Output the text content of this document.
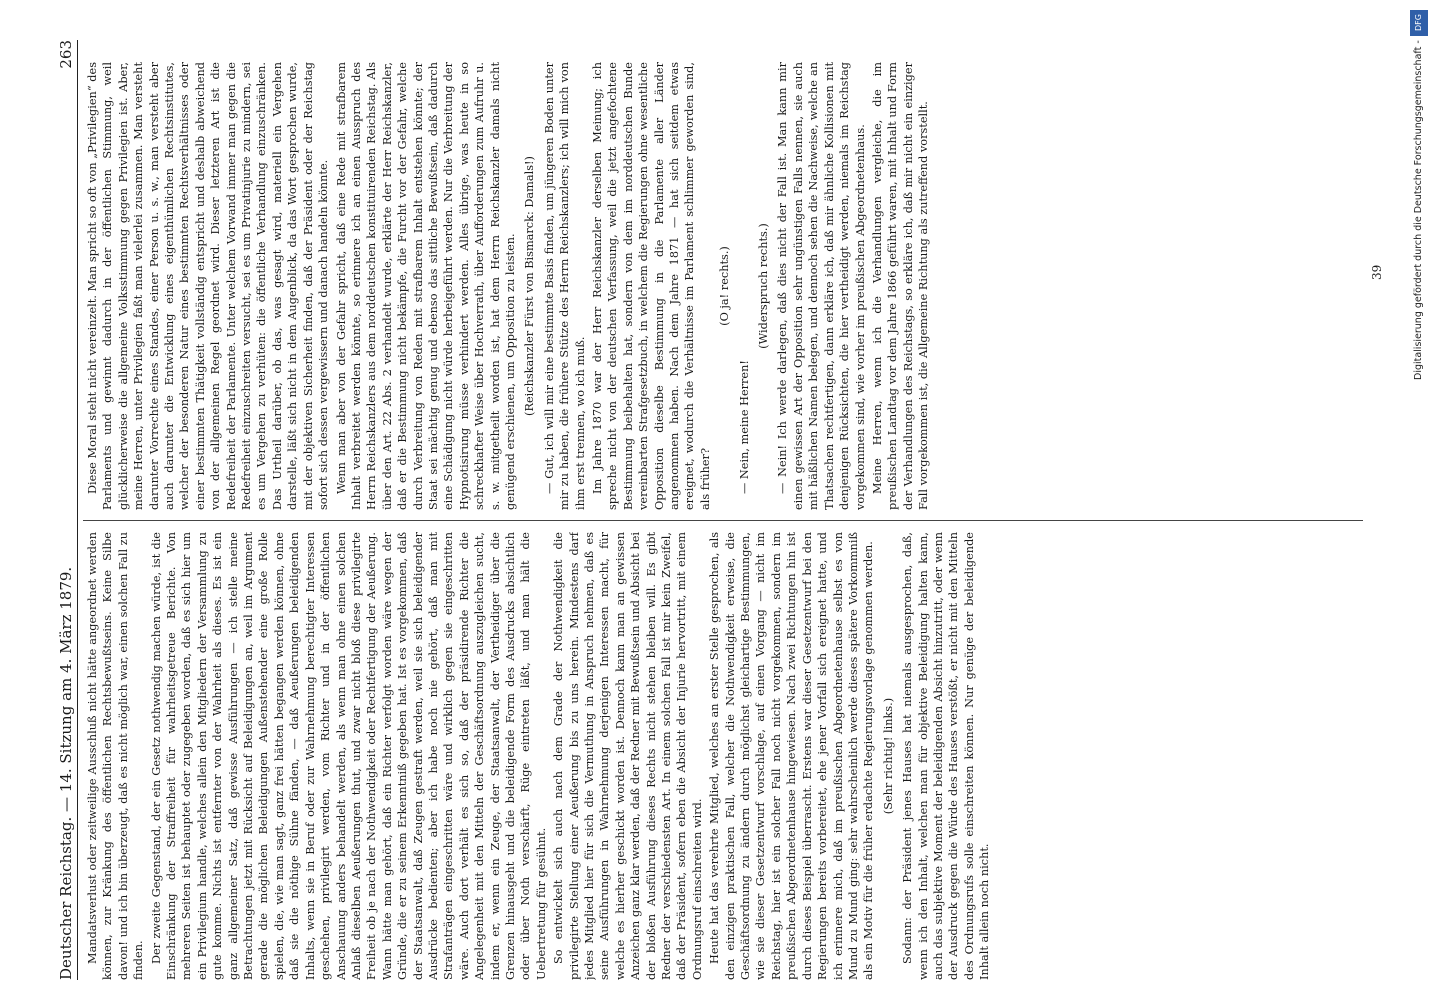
Deutscher Reichstag. — 14. Sitzung am 4. März 1879.
263

Mandatsverlust oder zeitweilige Ausschluß nicht hätte angeordnet werden können, zur Kränkung des öffentlichen Rechtsbewußtseins. Keine Silbe davon! und ich bin überzeugt, daß es nicht möglich war, einen solchen Fall zu finden. Der zweite Gegenstand, der ein Gesetz nothwendig machen würde, ist die Einschränkung der Straffreiheit für wahrheitsgetreue Berichte. Von mehreren Seiten ist behauptet oder zugegeben worden, daß es sich hier um ein Privilegium handle, welches allein den Mitgliedern der Versammlung zu gute komme. Nichts ist entfernter von der Wahrheit als dieses. Es ist ein ganz allgemeiner Satz, daß gewisse Ausführungen — ich stelle meine Betrachtungen jetzt mit Rücksicht auf Beleidigungen an, weil im Argument gerade die möglichen Beleidigungen Außenstehender eine große Rolle spielen, die, wie man sagt, ganz frei hätten begangen werden können, ohne daß sie die nöthige Sühne fänden, — daß Aeußerungen beleidigenden Inhalts, wenn sie in Beruf oder zur Wahrnehmung berechtigter Interessen geschehen, privilegirt werden, vom Richter und in der öffentlichen Anschauung anders behandelt werden, als wenn man ohne einen solchen Anlaß dieselben Aeußerungen thut, und zwar nicht bloß diese privilegirte Freiheit ob je nach der Nothwendigkeit oder Rechtfertigung der Aeußerung. Wann hätte man gehört, daß ein Richter verfolgt worden wäre wegen der Gründe, die er zu seinem Erkenntniß gegeben hat. Ist es vorgekommen, daß der Staatsanwalt, daß Zeugen gestraft werden, weil sie sich beleidigender Ausdrücke bedienten; aber ich habe noch nie gehört, daß man mit Strafanträgen eingeschritten wäre und wirklich gegen sie eingeschritten wäre. Auch dort verhält es sich so, daß der präsidirende Richter die Angelegenheit mit den Mitteln der Geschäftsordnung auszugleichen sucht, indem er, wenn ein Zeuge, der Staatsanwalt, der Vertheidiger über die Grenzen hinausgeht und die beleidigende Form des Ausdrucks absichtlich oder über Noth verschärft, Rüge eintreten läßt, und man hält die Uebertretung für gesühnt. So entwickelt sich auch nach dem Grade der Nothwendigkeit die privilegirte Stellung einer Aeußerung bis zu uns herein. Mindestens darf jedes Mitglied hier für sich die Vermuthung in Anspruch nehmen, daß es seine Ausführungen in Wahrnehmung derjenigen Interessen macht, für welche es hierher geschickt worden ist. Dennoch kann man an gewissen Anzeichen ganz klar werden, daß der Redner mit Bewußtsein und Absicht bei der bloßen Ausführung dieses Rechts nicht stehen bleiben will. Es gibt Redner der verschiedensten Art. In einem solchen Fall ist mir kein Zweifel, daß der Präsident, sofern eben die Absicht der Injurie hervortritt, mit einem Ordnungsruf einschreiten wird. Heute hat das verehrte Mitglied, welches an erster Stelle gesprochen, als den einzigen praktischen Fall, welcher die Nothwendigkeit erweise, die Geschäftsordnung zu ändern durch möglichst gleichartige Bestimmungen, wie sie dieser Gesetzentwurf vorschlage, auf einen Vorgang — nicht im Reichstag, hier ist ein solcher Fall noch nicht vorgekommen, sondern im preußischen Abgeordnetenhause hingewiesen. Nach zwei Richtungen hin ist durch dieses Beispiel überrascht. Erstens war dieser Gesetzentwurf bei den Regierungen bereits vorbereitet, ehe jener Vorfall sich ereignet hatte, und ich erinnere mich, daß im preußischen Abgeordnetenhause selbst es von Mund zu Mund ging: sehr wahrscheinlich werde dieses spätere Vorkommniß als ein Motiv für die früher erdachte Regierungsvorlage genommen werden. (Sehr richtig! links.) Sodann: der Präsident jenes Hauses hat niemals ausgesprochen, daß, wenn ich den Inhalt, welchen man für objektive Beleidigung halten kann, auch das subjektive Moment der beleidigenden Absicht hinzutritt, oder wenn der Ausdruck gegen die Würde des Hauses verstößt, er nicht mit den Mitteln des Ordnungsrufs solle einschreiten können. Nur genüge der beleidigende Inhalt allein noch nicht.

Diese Moral steht nicht vereinzelt. Man spricht so oft von „Privilegien“ des Parlaments und gewinnt dadurch in der öffentlichen Stimmung, weil glücklicherweise die allgemeine Volksstimmung gegen Privilegien ist. Aber, meine Herren, unter Privilegien faßt man vielerlei zusammen. Man versteht darunter Vorrechte eines Standes, einer Person u. s. w., man versteht aber auch darunter die Entwicklung eines eigenthümlichen Rechtsinstitutes, welcher der besonderen Natur eines bestimmten Rechtsverhältnisses oder einer bestimmten Thätigkeit vollständig entspricht und deshalb abweichend von der allgemeinen Regel geordnet wird. Dieser letzteren Art ist die Redefreiheit der Parlamente. Unter welchem Vorwand immer man gegen die Redefreiheit einzuschreiten versucht, sei es um Privatinjurie zu mindern, sei es um Vergehen zu verhüten: die öffentliche Verhandlung einzuschränken. Das Urtheil darüber, ob das, was gesagt wird, materiell ein Vergehen darstelle, läßt sich nicht in dem Augenblick, da das Wort gesprochen wurde, mit der objektiven Sicherheit finden, daß der Präsident oder der Reichstag sofort sich dessen vergewissern und danach handeln könnte. Wenn man aber von der Gefahr spricht, daß eine Rede mit strafbarem Inhalt verbreitet werden könnte, so erinnere ich an einen Ausspruch des Herrn Reichskanzlers aus dem norddeutschen konstituirenden Reichstag. Als über den Art. 22 Abs. 2 verhandelt wurde, erklärte der Herr Reichskanzler, daß er die Bestimmung nicht bekämpfe, die Furcht vor der Gefahr, welche durch Verbreitung von Reden mit strafbarem Inhalt entstehen könnte; der Staat sei mächtig genug und ebenso das sittliche Bewußtsein, daß dadurch eine Schädigung nicht würde herbeigeführt werden. Nur die Verbreitung der Hypnotisirung müsse verhindert werden. Alles übrige, was heute in so schreckhafter Weise über Hochverrath, über Aufforderungen zum Aufruhr u. s. w. mitgetheilt worden ist, hat dem Herrn Reichskanzler damals nicht genügend erschienen, um Opposition zu leisten. (Reichskanzler Fürst von Bismarck: Damals!) — Gut, ich will mir eine bestimmte Basis finden, um jüngeren Boden unter mir zu haben, die frühere Stütze des Herrn Reichskanzlers; ich will mich von ihm erst trennen, wo ich muß. Im Jahre 1870 war der Herr Reichskanzler derselben Meinung; ich spreche nicht von der deutschen Verfassung, weil die jetzt angefochtene Bestimmung beibehalten hat, sondern von dem im norddeutschen Bunde vereinbarten Strafgesetzbuch, in welchem die Regierungen ohne wesentliche Opposition dieselbe Bestimmung in die Parlamente aller Länder angenommen haben. Nach dem Jahre 1871 — hat sich seitdem etwas ereignet, wodurch die Verhältnisse im Parlament schlimmer geworden sind, als früher?

(O ja! rechts.)

— Nein, meine Herren!

(Widerspruch rechts.) — Nein! Ich werde darlegen, daß dies nicht der Fall ist. Man kann mir einen gewissen Art der Opposition sehr ungünstigen Falls nennen, sie auch mit häßlichen Namen belegen, und dennoch sehen die Nachweise, welche an Thatsachen rechtfertigen, dann erkläre ich, daß mir ähnliche Kollisionen mit denjenigen Rücksichten, die hier vertheidigt werden, niemals im Reichstag vorgekommen sind, wie vorher im preußischen Abgeordnetenhaus. Meine Herren, wenn ich die Verhandlungen vergleiche, die im preußischen Landtag vor dem Jahre 1866 geführt waren, mit Inhalt und Form der Verhandlungen des Reichstags, so erkläre ich, daß mir nicht ein einziger Fall vorgekommen ist, die Allgemeine Richtung als zutreffend vorstellt.	39
DFG
Digitalisierung gefördert durch die Deutsche Forschungsgemeinschaft -
